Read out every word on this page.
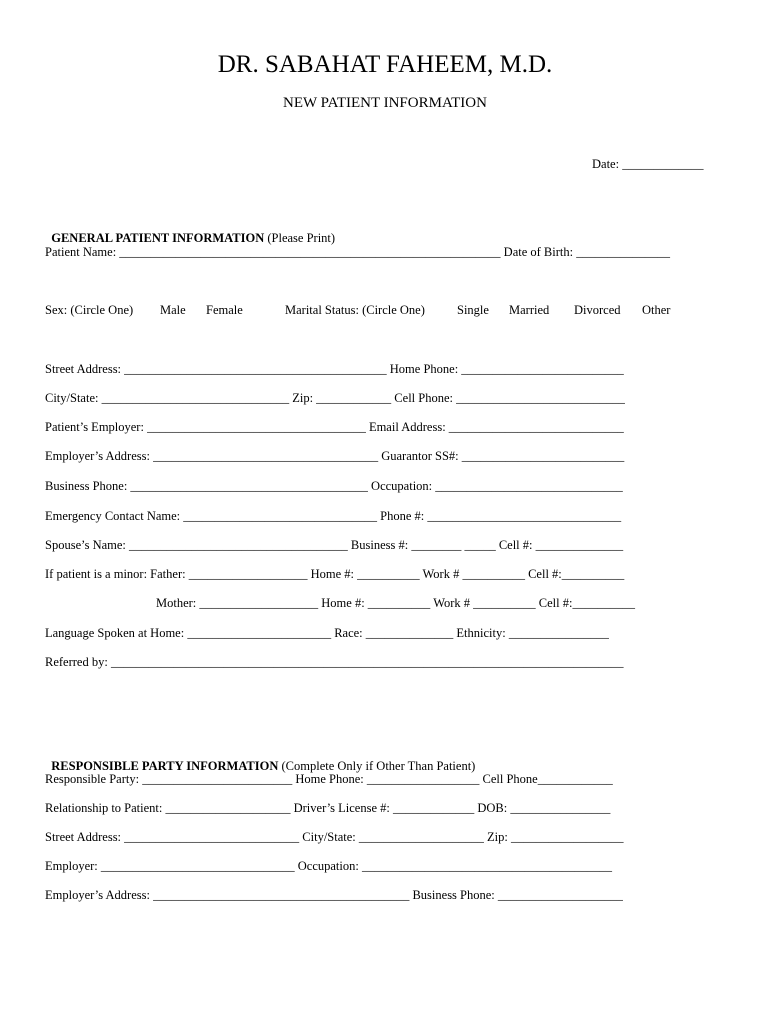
DR. SABAHAT FAHEEM, M.D.
NEW PATIENT INFORMATION
Date: _____________

GENERAL PATIENT INFORMATION (Please Print)

Patient Name: _____________________________________________________________ Date of Birth: _______________
Sex: (Circle One) Male Female	Marital Status: (Circle One)	Single Married Divorced Other
Street Address: __________________________________________ Home Phone: __________________________
City/State: ______________________________ Zip: ____________ Cell Phone: ___________________________
Patient’s Employer: ___________________________________ Email Address: ____________________________
Employer’s Address: ____________________________________ Guarantor SS#: __________________________
Business Phone: ______________________________________ Occupation: ______________________________
Emergency Contact Name: _______________________________ Phone #: _______________________________
Spouse’s Name: ___________________________________ Business #: ________ _____ Cell #: ______________
If patient is a minor: Father: ___________________ Home #: __________ Work # __________ Cell #:__________
Mother: ___________________ Home #: __________ Work # __________ Cell #:__________
Language Spoken at Home: _______________________ Race: ______________ Ethnicity: ________________
Referred by: __________________________________________________________________________________

RESPONSIBLE PARTY INFORMATION (Complete Only if Other Than Patient)

Responsible Party: ________________________ Home Phone: __________________ Cell Phone____________
Relationship to Patient: ____________________ Driver’s License #: _____________ DOB: ________________
Street Address: ____________________________ City/State: ____________________ Zip: __________________
Employer: _______________________________ Occupation: ________________________________________
Employer’s Address: _________________________________________ Business Phone: ____________________
